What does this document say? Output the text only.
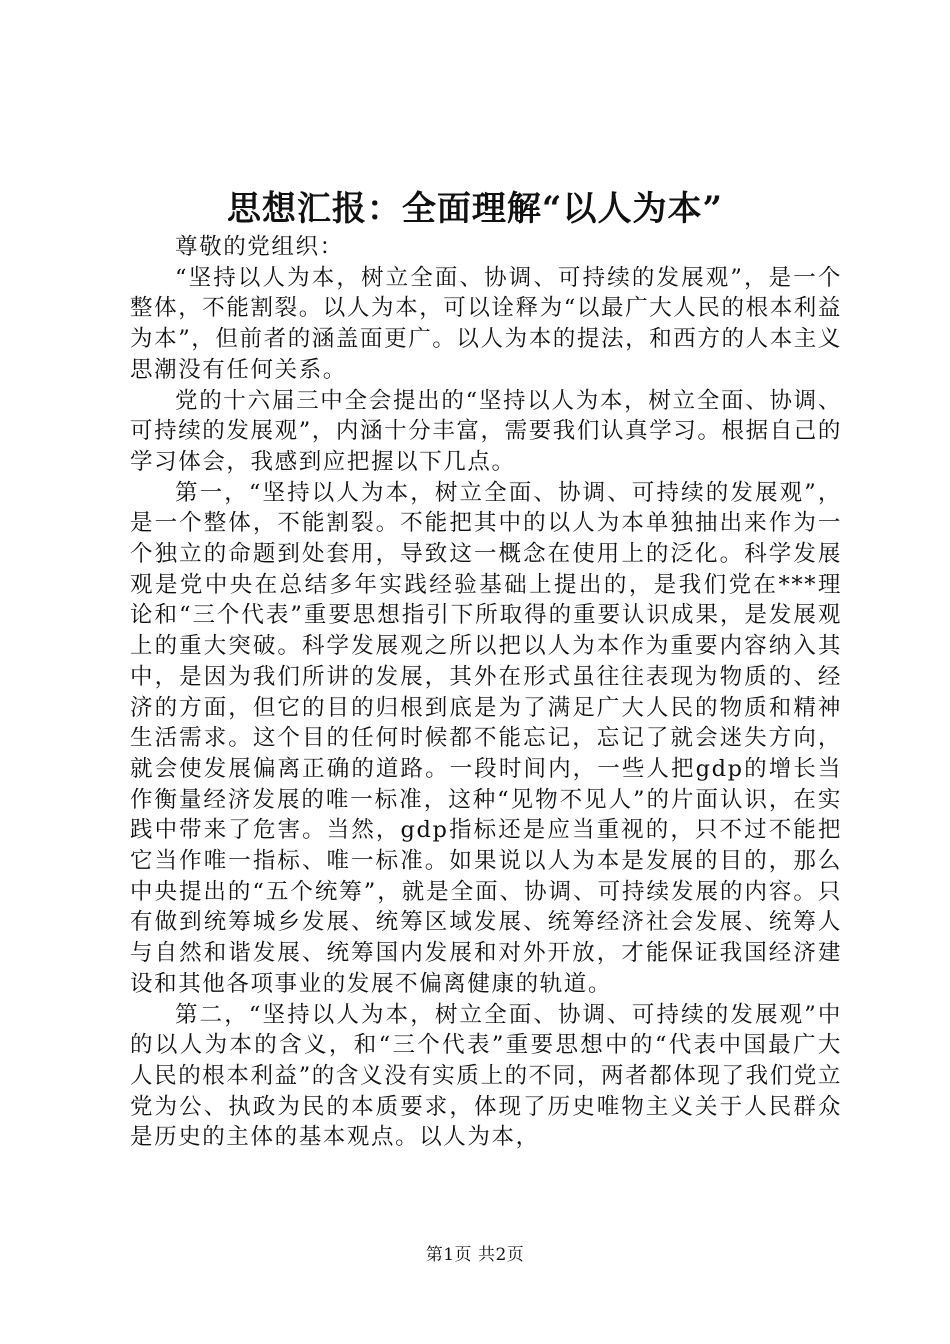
思想汇报：全面理解“以人为本”

尊敬的党组织：

“坚持以人为本，树立全面、协调、可持续的发展观”，是一个整体，不能割裂。以人为本，可以诠释为“以最广大人民的根本利益为本”，但前者的涵盖面更广。以人为本的提法，和西方的人本主义思潮没有任何关系。

党的十六届三中全会提出的“坚持以人为本，树立全面、协调、可持续的发展观”，内涵十分丰富，需要我们认真学习。根据自己的学习体会，我感到应把握以下几点。

第一，“坚持以人为本，树立全面、协调、可持续的发展观”，是一个整体，不能割裂。不能把其中的以人为本单独抽出来作为一个独立的命题到处套用，导致这一概念在使用上的泛化。科学发展观是党中央在总结多年实践经验基础上提出的，是我们党在***理论和“三个代表”重要思想指引下所取得的重要认识成果，是发展观上的重大突破。科学发展观之所以把以人为本作为重要内容纳入其中，是因为我们所讲的发展，其外在形式虽往往表现为物质的、经济的方面，但它的目的归根到底是为了满足广大人民的物质和精神生活需求。这个目的任何时候都不能忘记，忘记了就会迷失方向，就会使发展偏离正确的道路。一段时间内，一些人把gdp的增长当作衡量经济发展的唯一标准，这种“见物不见人”的片面认识，在实践中带来了危害。当然，gdp指标还是应当重视的，只不过不能把它当作唯一指标、唯一标准。如果说以人为本是发展的目的，那么中央提出的“五个统筹”，就是全面、协调、可持续发展的内容。只有做到统筹城乡发展、统筹区域发展、统筹经济社会发展、统筹人与自然和谐发展、统筹国内发展和对外开放，才能保证我国经济建设和其他各项事业的发展不偏离健康的轨道。

第二，“坚持以人为本，树立全面、协调、可持续的发展观”中的以人为本的含义，和“三个代表”重要思想中的“代表中国最广大人民的根本利益”的含义没有实质上的不同，两者都体现了我们党立党为公、执政为民的本质要求，体现了历史唯物主义关于人民群众是历史的主体的基本观点。以人为本，

第1页 共2页
